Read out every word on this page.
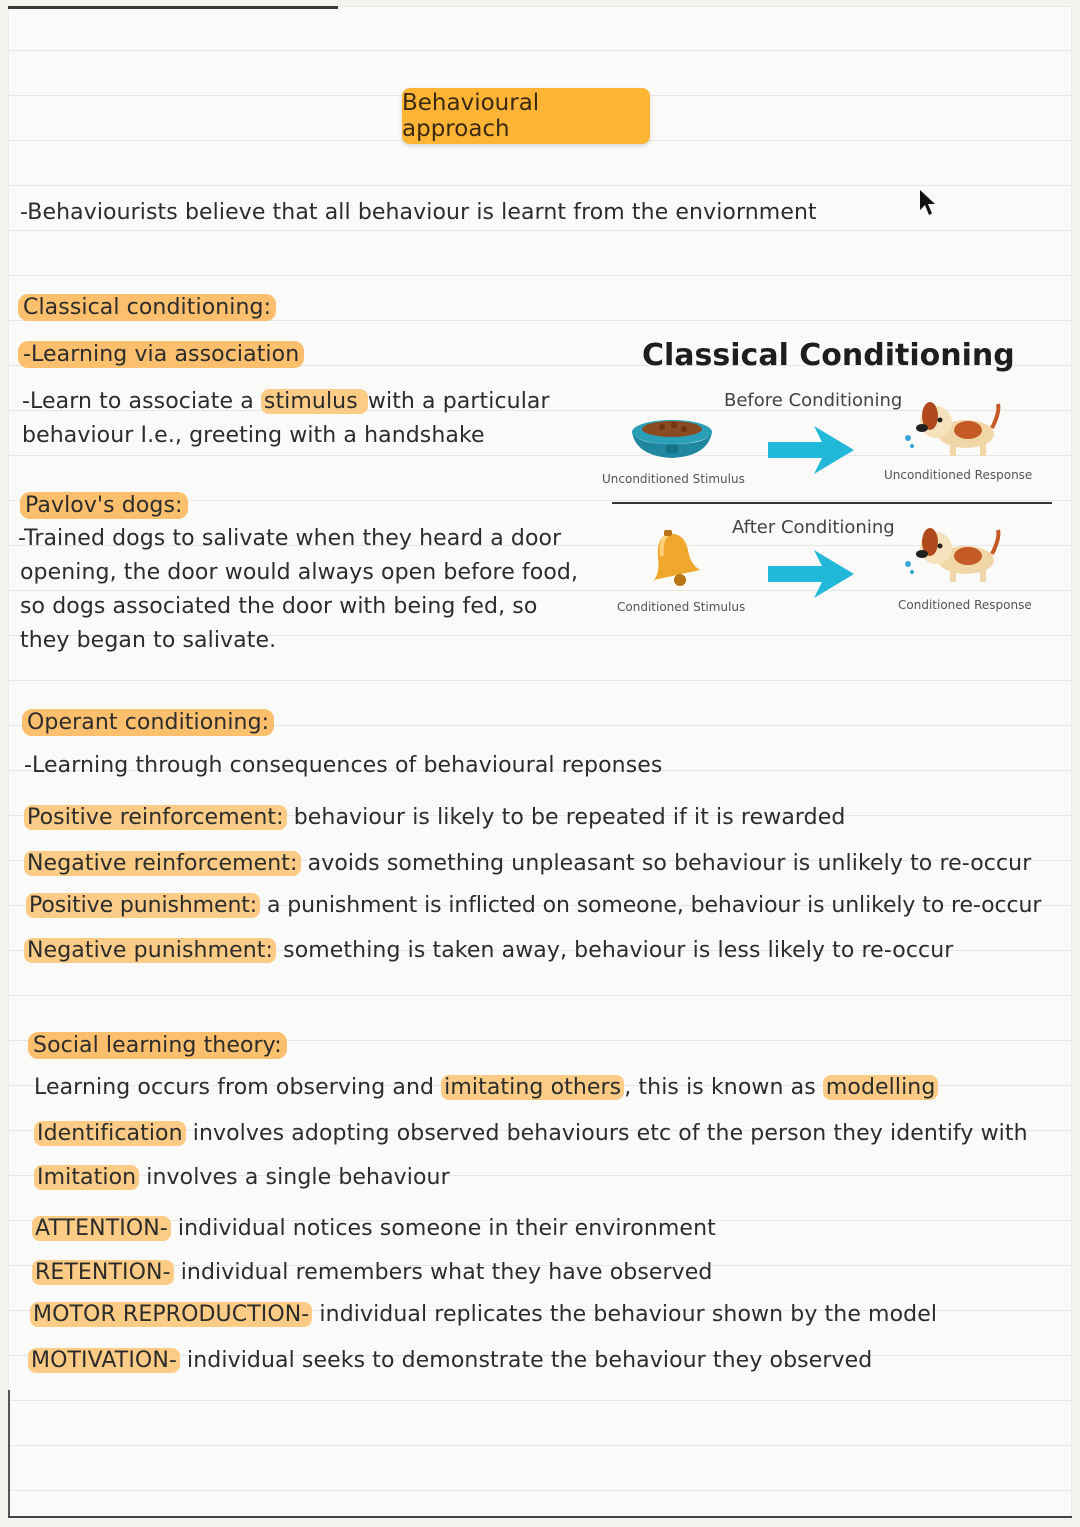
Behavioural approach
-Behaviourists believe that all behaviour is learnt from the enviornment
Classical conditioning:
-Learning via association
-Learn to associate a stimulus with a particular
behaviour I.e., greeting with a handshake
Pavlov's dogs:
-Trained dogs to salivate when they heard a door
opening, the door would always open before food,
so dogs associated the door with being fed, so
they began to salivate.
Classical Conditioning
Before Conditioning
Unconditioned Stimulus	Unconditioned Response
After Conditioning
Conditioned Stimulus	Conditioned Response
Operant conditioning:
-Learning through consequences of behavioural reponses
Positive reinforcement: behaviour is likely to be repeated if it is rewarded
Negative reinforcement: avoids something unpleasant so behaviour is unlikely to re-occur
Positive punishment: a punishment is inflicted on someone, behaviour is unlikely to re-occur
Negative punishment: something is taken away, behaviour is less likely to re-occur
Social learning theory:
Learning occurs from observing and imitating others , this is known as modelling
Identification involves adopting observed behaviours etc of the person they identify with
Imitation involves a single behaviour
ATTENTION- individual notices someone in their environment
RETENTION- individual remembers what they have observed
MOTOR REPRODUCTION- individual replicates the behaviour shown by the model
MOTIVATION- individual seeks to demonstrate the behaviour they observed
